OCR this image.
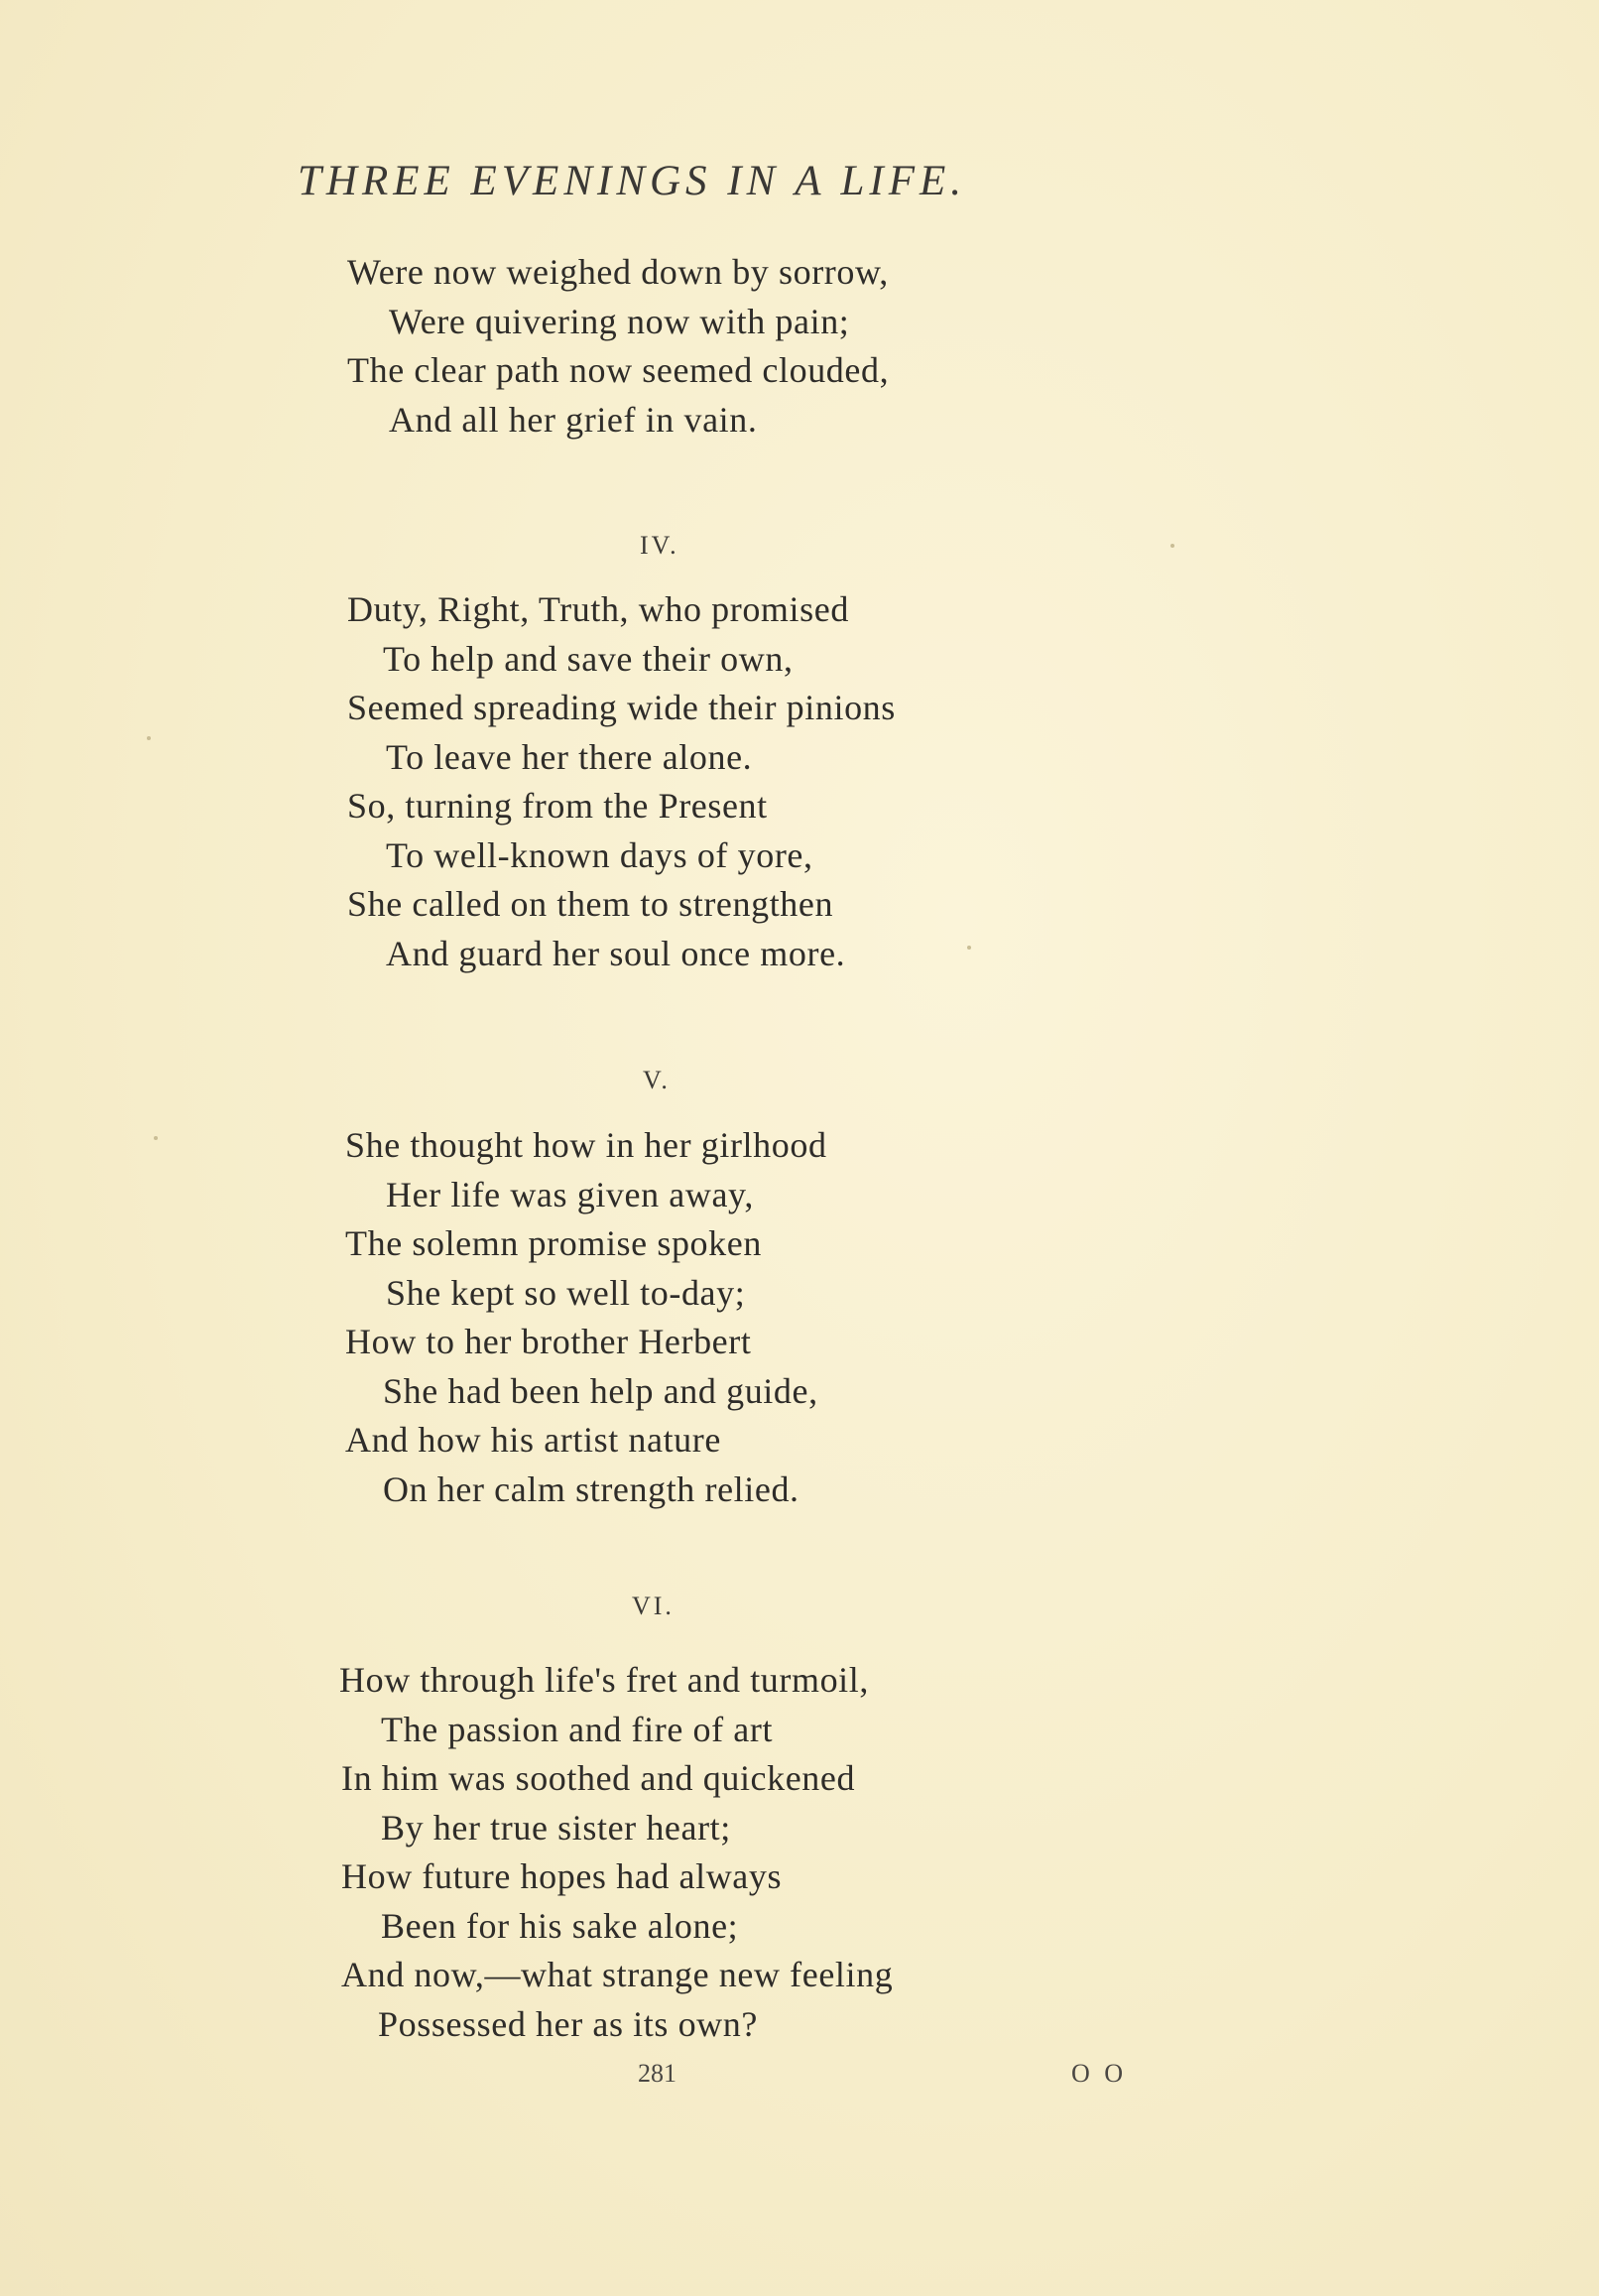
THREE EVENINGS IN A LIFE.
Were now weighed down by sorrow,
Were quivering now with pain;
The clear path now seemed clouded,
And all her grief in vain.
IV.
Duty, Right, Truth, who promised
To help and save their own,
Seemed spreading wide their pinions
To leave her there alone.
So, turning from the Present
To well-known days of yore,
She called on them to strengthen
And guard her soul once more.
V.
She thought how in her girlhood
Her life was given away,
The solemn promise spoken
She kept so well to-day;
How to her brother Herbert
She had been help and guide,
And how his artist nature
On her calm strength relied.
VI.
How through life's fret and turmoil,
The passion and fire of art
In him was soothed and quickened
By her true sister heart;
How future hopes had always
Been for his sake alone;
And now,—what strange new feeling
Possessed her as its own?
281	O O
